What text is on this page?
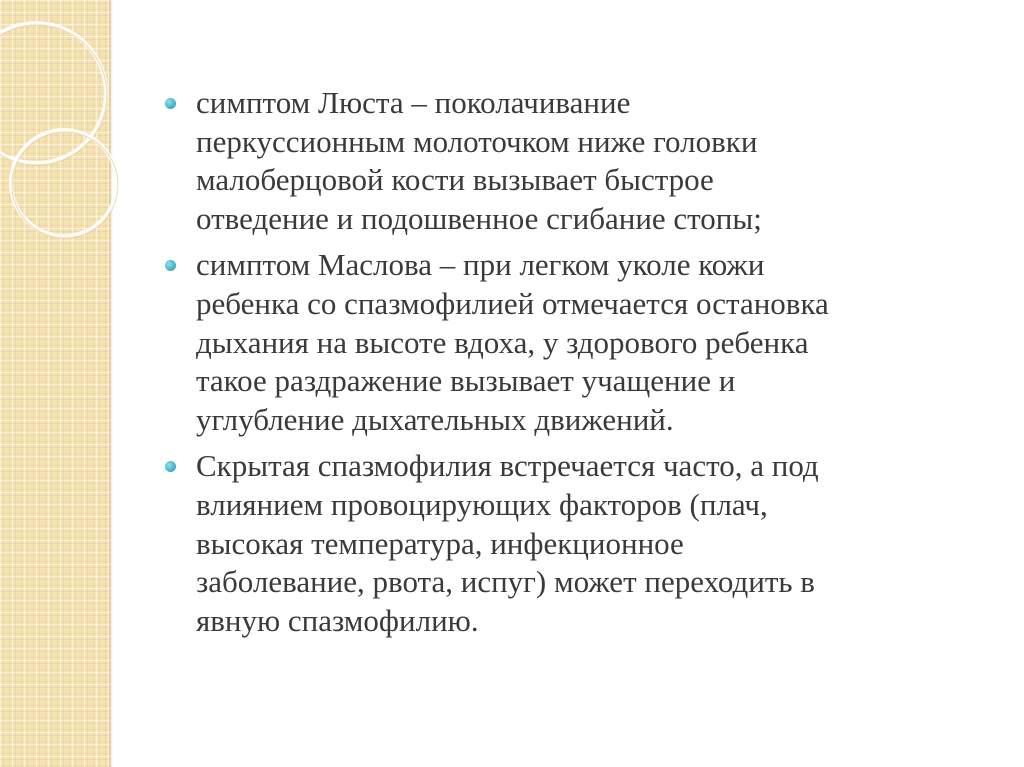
симптом Люста – поколачивание
перкуссионным молоточком ниже головки
малоберцовой кости вызывает быстрое
отведение и подошвенное сгибание стопы;
симптом Маслова – при легком уколе кожи
ребенка со спазмофилией отмечается остановка
дыхания на высоте вдоха, у здорового ребенка
такое раздражение вызывает учащение и
углубление дыхательных движений.
Скрытая спазмофилия встречается часто, а под
влиянием провоцирующих факторов (плач,
высокая температура, инфекционное
заболевание, рвота, испуг) может переходить в
явную спазмофилию.
